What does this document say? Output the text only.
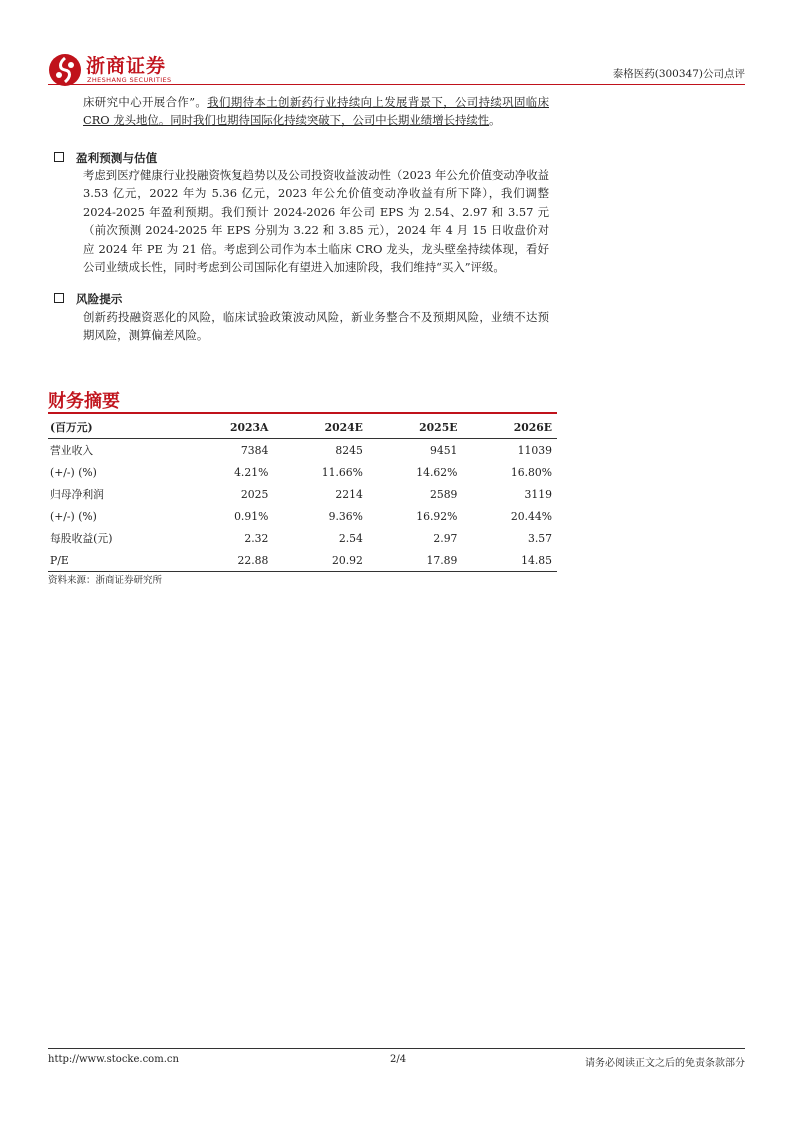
浙商证券
ZHESHANG SECURITIES	泰格医药(300347)公司点评

床研究中心开展合作”。我们期待本土创新药行业持续向上发展背景下，公司持续巩固临床 CRO 龙头地位。同时我们也期待国际化持续突破下，公司中长期业绩增长持续性。

盈利预测与估值

考虑到医疗健康行业投融资恢复趋势以及公司投资收益波动性（2023 年公允价值变动净收益 3.53 亿元，2022 年为 5.36 亿元，2023 年公允价值变动净收益有所下降），我们调整 2024-2025 年盈利预期。我们预计 2024-2026 年公司 EPS 为 2.54、2.97 和 3.57 元（前次预测 2024-2025 年 EPS 分别为 3.22 和 3.85 元），2024 年 4 月 15 日收盘价对应 2024 年 PE 为 21 倍。考虑到公司作为本土临床 CRO 龙头，龙头壁垒持续体现，看好公司业绩成长性，同时考虑到公司国际化有望进入加速阶段，我们维持“买入”评级。

风险提示

创新药投融资恶化的风险，临床试验政策波动风险，新业务整合不及预期风险，业绩不达预期风险，测算偏差风险。

财务摘要
(百万元)	2023A	2024E	2025E	2026E
营业收入	7384	8245	9451	11039
(+/-) (%)	4.21%	11.66%	14.62%	16.80%
归母净利润	2025	2214	2589	3119
(+/-) (%)	0.91%	9.36%	16.92%	20.44%
每股收益(元)	2.32	2.54	2.97	3.57
P/E	22.88	20.92	17.89	14.85
资料来源：浙商证券研究所
http://www.stocke.com.cn	2/4	请务必阅读正文之后的免责条款部分
